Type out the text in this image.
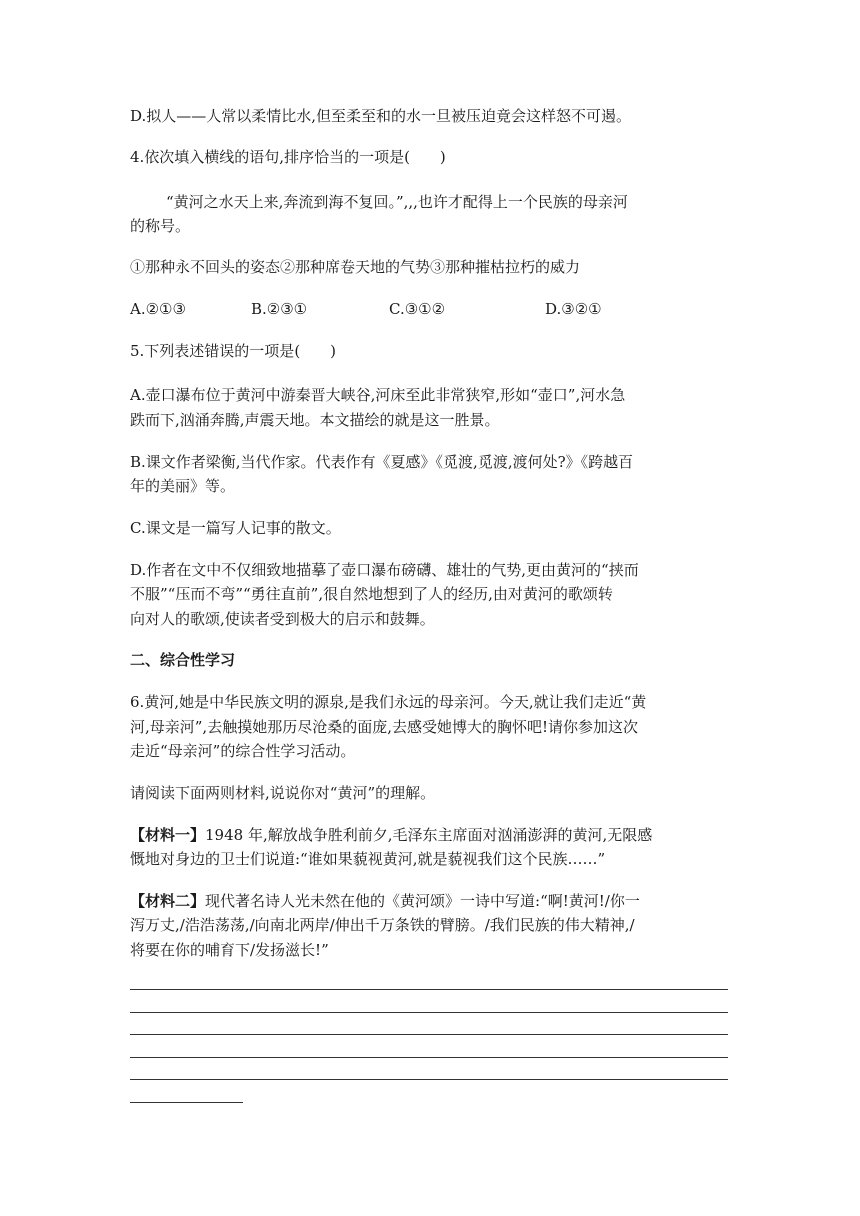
D.拟人——人常以柔情比水,但至柔至和的水一旦被压迫竟会这样怒不可遏。

4.依次填入横线的语句,排序恰当的一项是(　　)

“黄河之水天上来,奔流到海不复回。”,,,也许才配得上一个民族的母亲河

的称号。

①那种永不回头的姿态②那种席卷天地的气势③那种摧枯拉朽的威力

A.②①③	B.②③①	C.③①②	D.③②①

5.下列表述错误的一项是(　　)

A.壶口瀑布位于黄河中游秦晋大峡谷,河床至此非常狭窄,形如“壶口”,河水急

跌而下,汹涌奔腾,声震天地。本文描绘的就是这一胜景。

B.课文作者梁衡,当代作家。代表作有《夏感》《觅渡,觅渡,渡何处?》《跨越百

年的美丽》等。

C.课文是一篇写人记事的散文。

D.作者在文中不仅细致地描摹了壶口瀑布磅礴、雄壮的气势,更由黄河的“挟而

不服”“压而不弯”“勇往直前”,很自然地想到了人的经历,由对黄河的歌颂转

向对人的歌颂,使读者受到极大的启示和鼓舞。

二、综合性学习

6.黄河,她是中华民族文明的源泉,是我们永远的母亲河。今天,就让我们走近“黄

河,母亲河”,去触摸她那历尽沧桑的面庞,去感受她博大的胸怀吧!请你参加这次

走近“母亲河”的综合性学习活动。

请阅读下面两则材料,说说你对“黄河”的理解。

【材料一】1948 年,解放战争胜利前夕,毛泽东主席面对汹涌澎湃的黄河,无限感

慨地对身边的卫士们说道:“谁如果藐视黄河,就是藐视我们这个民族……”

【材料二】现代著名诗人光未然在他的《黄河颂》一诗中写道:“啊!黄河!/你一

泻万丈,/浩浩荡荡,/向南北两岸/伸出千万条铁的臂膀。/我们民族的伟大精神,/

将要在你的哺育下/发扬滋长!”
